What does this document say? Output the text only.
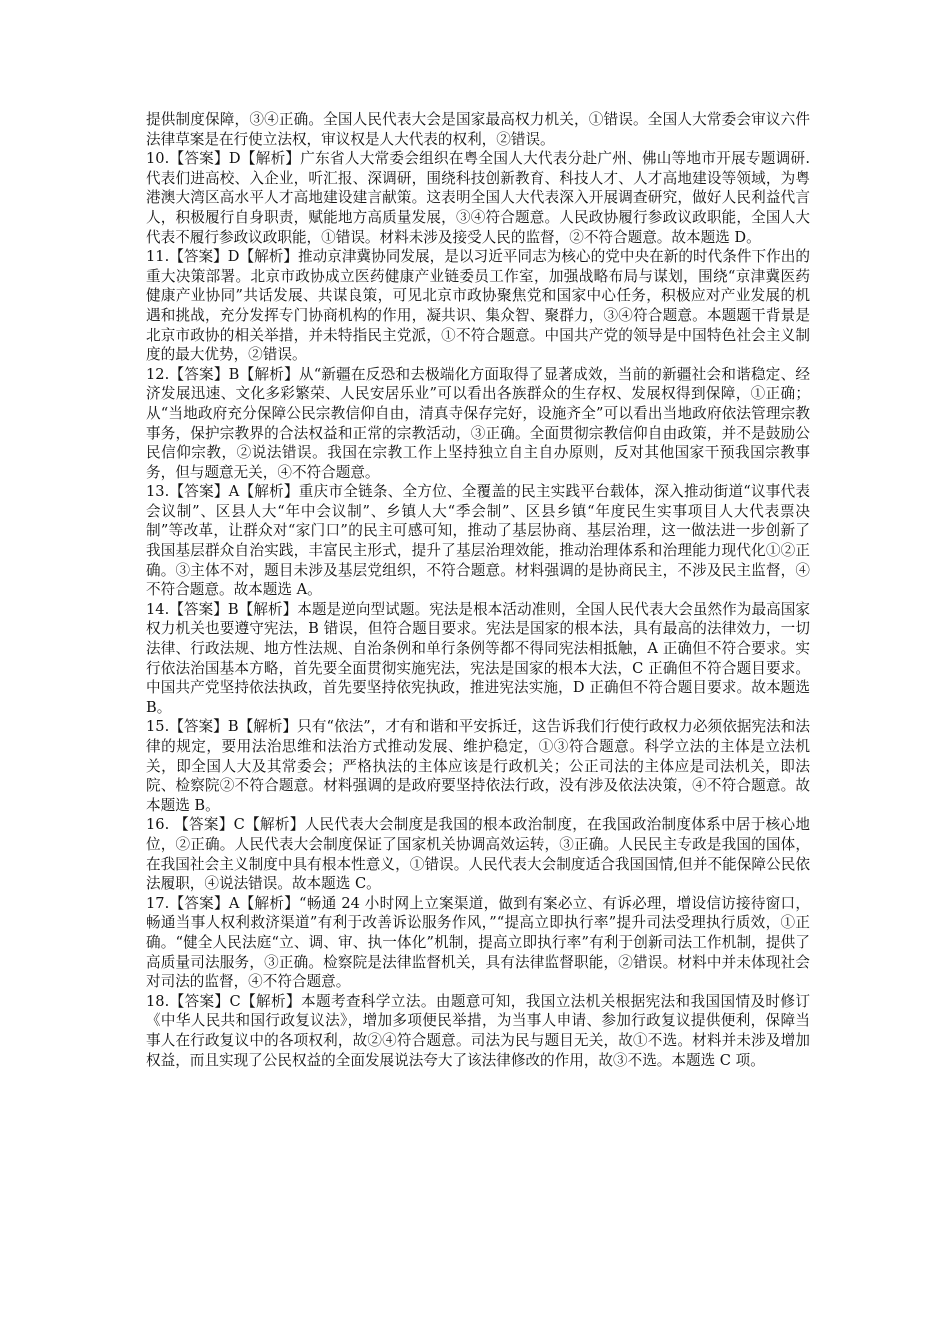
提供制度保障，③④正确。全国人民代表大会是国家最高权力机关，①错误。全国人大常委会审议六件法律草案是在行使立法权，审议权是人大代表的权利，②错误。

10.【答案】D【解析】广东省人大常委会组织在粤全国人大代表分赴广州、佛山等地市开展专题调研. 代表们进高校、入企业，听汇报、深调研，围绕科技创新教育、科技人才、人才高地建设等领域，为粤港澳大湾区高水平人才高地建设建言献策。这表明全国人大代表深入开展调查研究，做好人民利益代言人，积极履行自身职责，赋能地方高质量发展，③④符合题意。人民政协履行参政议政职能，全国人大代表不履行参政议政职能，①错误。材料未涉及接受人民的监督，②不符合题意。故本题选 D。

11.【答案】D【解析】推动京津冀协同发展，是以习近平同志为核心的党中央在新的时代条件下作出的重大决策部署。北京市政协成立医药健康产业链委员工作室，加强战略布局与谋划，围绕“京津冀医药健康产业协同”共话发展、共谋良策，可见北京市政协聚焦党和国家中心任务，积极应对产业发展的机遇和挑战，充分发挥专门协商机构的作用，凝共识、集众智、聚群力，③④符合题意。本题题干背景是北京市政协的相关举措，并未特指民主党派，①不符合题意。中国共产党的领导是中国特色社会主义制度的最大优势，②错误。

12.【答案】B【解析】从“新疆在反恐和去极端化方面取得了显著成效，当前的新疆社会和谐稳定、经济发展迅速、文化多彩繁荣、人民安居乐业”可以看出各族群众的生存权、发展权得到保障，①正确；从“当地政府充分保障公民宗教信仰自由，清真寺保存完好，设施齐全”可以看出当地政府依法管理宗教事务，保护宗教界的合法权益和正常的宗教活动，③正确。全面贯彻宗教信仰自由政策，并不是鼓励公民信仰宗教，②说法错误。我国在宗教工作上坚持独立自主自办原则，反对其他国家干预我国宗教事务，但与题意无关，④不符合题意。

13.【答案】A【解析】重庆市全链条、全方位、全覆盖的民主实践平台载体，深入推动街道“议事代表会议制”、区县人大“年中会议制”、乡镇人大“季会制”、区县乡镇“年度民生实事项目人大代表票决制”等改革，让群众对“家门口”的民主可感可知，推动了基层协商、基层治理，这一做法进一步创新了我国基层群众自治实践，丰富民主形式，提升了基层治理效能，推动治理体系和治理能力现代化①②正确。③主体不对，题目未涉及基层党组织，不符合题意。材料强调的是协商民主，不涉及民主监督，④不符合题意。故本题选 A。

14.【答案】B【解析】本题是逆向型试题。宪法是根本活动准则，全国人民代表大会虽然作为最高国家权力机关也要遵守宪法，B 错误，但符合题目要求。宪法是国家的根本法，具有最高的法律效力，一切法律、行政法规、地方性法规、自治条例和单行条例等都不得同宪法相抵触，A 正确但不符合要求。实行依法治国基本方略，首先要全面贯彻实施宪法，宪法是国家的根本大法，C 正确但不符合题目要求。中国共产党坚持依法执政，首先要坚持依宪执政，推进宪法实施，D 正确但不符合题目要求。故本题选 B。

15.【答案】B【解析】只有“依法”，才有和谐和平安拆迁，这告诉我们行使行政权力必须依据宪法和法律的规定，要用法治思维和法治方式推动发展、维护稳定，①③符合题意。科学立法的主体是立法机关，即全国人大及其常委会；严格执法的主体应该是行政机关；公正司法的主体应是司法机关，即法院、检察院②不符合题意。材料强调的是政府要坚持依法行政，没有涉及依法决策，④不符合题意。故本题选 B。

16. 【答案】C【解析】人民代表大会制度是我国的根本政治制度，在我国政治制度体系中居于核心地位，②正确。人民代表大会制度保证了国家机关协调高效运转，③正确。人民民主专政是我国的国体，在我国社会主义制度中具有根本性意义，①错误。人民代表大会制度适合我国国情,但并不能保障公民依法履职，④说法错误。故本题选 C。

17.【答案】A【解析】“畅通 24 小时网上立案渠道，做到有案必立、有诉必理，增设信访接待窗口，畅通当事人权利救济渠道”有利于改善诉讼服务作风，”“提高立即执行率”提升司法受理执行质效，①正确。“健全人民法庭“立、调、审、执一体化”机制，提高立即执行率”有利于创新司法工作机制，提供了高质量司法服务，③正确。检察院是法律监督机关，具有法律监督职能，②错误。材料中并未体现社会对司法的监督，④不符合题意。

18.【答案】C【解析】本题考查科学立法。由题意可知，我国立法机关根据宪法和我国国情及时修订《中华人民共和国行政复议法》，增加多项便民举措，为当事人申请、参加行政复议提供便利，保障当事人在行政复议中的各项权利，故②④符合题意。司法为民与题目无关，故①不选。材料并未涉及增加权益，而且实现了公民权益的全面发展说法夸大了该法律修改的作用，故③不选。本题选 C 项。
